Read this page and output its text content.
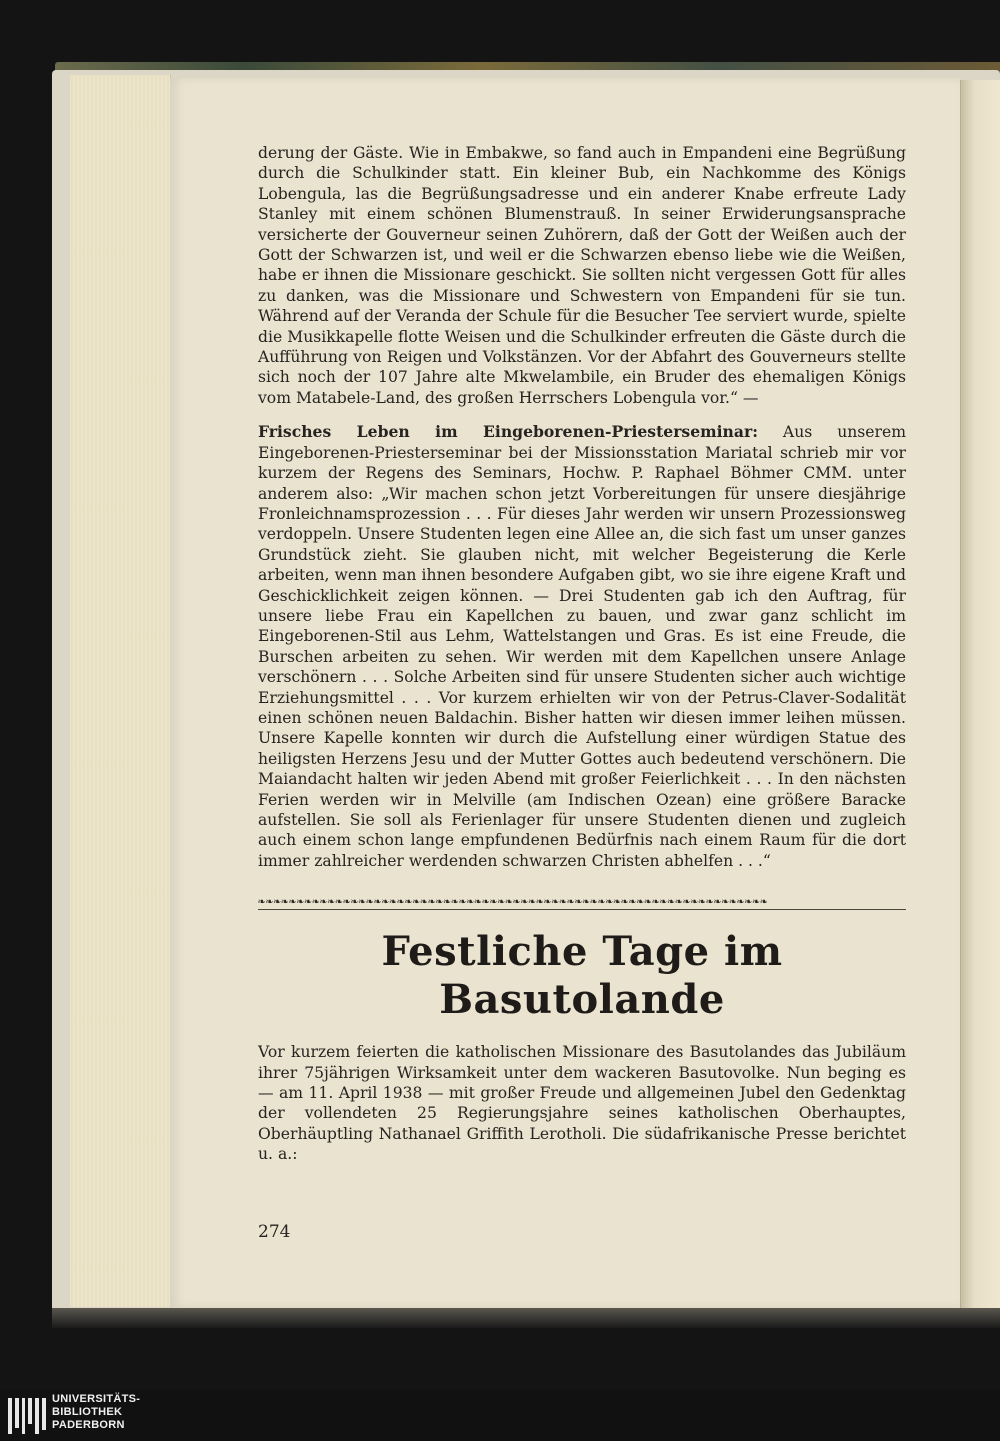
derung der Gäste. Wie in Embakwe, so fand auch in Empandeni eine Begrüßung durch die Schulkinder statt. Ein kleiner Bub, ein Nachkomme des Königs Lobengula, las die Begrüßungsadresse und ein anderer Knabe erfreute Lady Stanley mit einem schönen Blumenstrauß. In seiner Erwiderungsansprache versicherte der Gouverneur seinen Zuhörern, daß der Gott der Weißen auch der Gott der Schwarzen ist, und weil er die Schwarzen ebenso liebe wie die Weißen, habe er ihnen die Missionare geschickt. Sie sollten nicht vergessen Gott für alles zu danken, was die Missionare und Schwestern von Empandeni für sie tun. Während auf der Veranda der Schule für die Besucher Tee serviert wurde, spielte die Musikkapelle flotte Weisen und die Schulkinder erfreuten die Gäste durch die Aufführung von Reigen und Volkstänzen. Vor der Abfahrt des Gouverneurs stellte sich noch der 107 Jahre alte Mkwelambile, ein Bruder des ehemaligen Königs vom Matabele-Land, des großen Herrschers Lobengula vor.“ —

Frisches Leben im Eingeborenen-Priesterseminar: Aus unserem Eingeborenen-Priesterseminar bei der Missionsstation Mariatal schrieb mir vor kurzem der Regens des Seminars, Hochw. P. Raphael Böhmer CMM. unter anderem also: „Wir machen schon jetzt Vorbereitungen für unsere diesjährige Fronleichnamsprozession . . . Für dieses Jahr werden wir unsern Prozessionsweg verdoppeln. Unsere Studenten legen eine Allee an, die sich fast um unser ganzes Grundstück zieht. Sie glauben nicht, mit welcher Begeisterung die Kerle arbeiten, wenn man ihnen besondere Aufgaben gibt, wo sie ihre eigene Kraft und Geschicklichkeit zeigen können. — Drei Studenten gab ich den Auftrag, für unsere liebe Frau ein Kapellchen zu bauen, und zwar ganz schlicht im Eingeborenen-Stil aus Lehm, Wattelstangen und Gras. Es ist eine Freude, die Burschen arbeiten zu sehen. Wir werden mit dem Kapellchen unsere Anlage verschönern . . . Solche Arbeiten sind für unsere Studenten sicher auch wichtige Erziehungsmittel . . . Vor kurzem erhielten wir von der Petrus-Claver-Sodalität einen schönen neuen Baldachin. Bisher hatten wir diesen immer leihen müssen. Unsere Kapelle konnten wir durch die Aufstellung einer würdigen Statue des heiligsten Herzens Jesu und der Mutter Gottes auch bedeutend verschönern. Die Maiandacht halten wir jeden Abend mit großer Feierlichkeit . . . In den nächsten Ferien werden wir in Melville (am Indischen Ozean) eine größere Baracke aufstellen. Sie soll als Ferienlager für unsere Studenten dienen und zugleich auch einem schon lange empfundenen Bedürfnis nach einem Raum für die dort immer zahlreicher werdenden schwarzen Christen abhelfen . . .“

❧❧❧❧❧❧❧❧❧❧❧❧❧❧❧❧❧❧❧❧❧❧❧❧❧❧❧❧❧❧❧❧❧❧❧❧❧❧❧❧❧❧❧❧❧❧❧❧❧❧❧❧❧❧❧❧❧❧❧❧❧❧❧❧❧❧
Festliche Tage im Basutolande

Vor kurzem feierten die katholischen Missionare des Basutolandes das Jubiläum ihrer 75jährigen Wirksamkeit unter dem wackeren Basutovolke. Nun beging es — am 11. April 1938 — mit großer Freude und allgemeinen Jubel den Gedenktag der vollendeten 25 Regierungsjahre seines katholischen Oberhauptes, Oberhäuptling Nathanael Griffith Lerotholi. Die südafrikanische Presse berichtet u. a.:

274
UNIVERSITÄTS-
BIBLIOTHEK
PADERBORN
